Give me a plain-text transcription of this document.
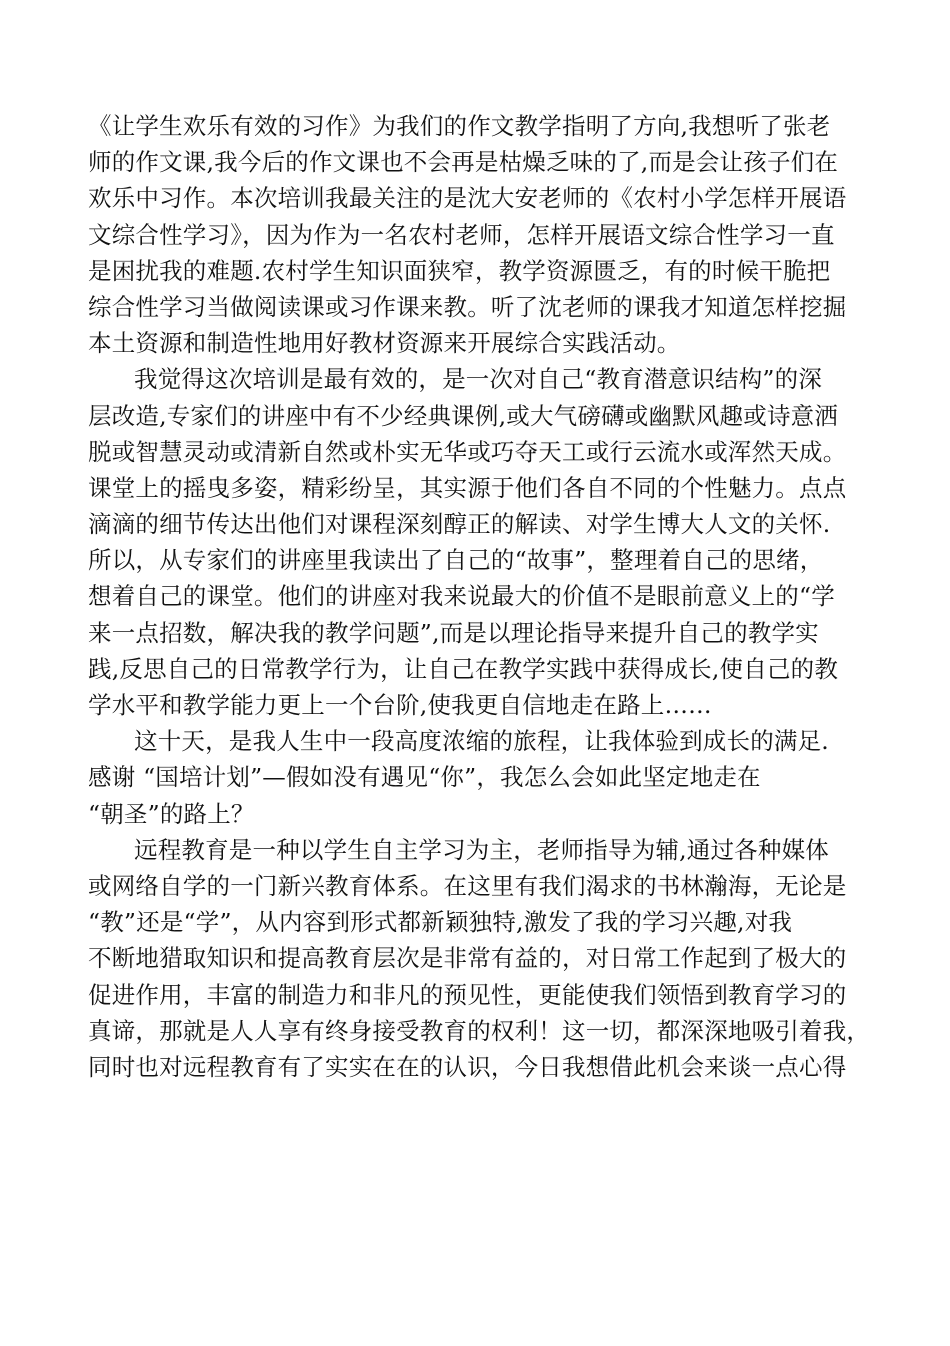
《让学生欢乐有效的习作》为我们的作文教学指明了方向,我想听了张老
师的作文课,我今后的作文课也不会再是枯燥乏味的了,而是会让孩子们在
欢乐中习作。本次培训我最关注的是沈大安老师的《农村小学怎样开展语
文综合性学习》，因为作为一名农村老师，怎样开展语文综合性学习一直
是困扰我的难题.农村学生知识面狭窄，教学资源匮乏，有的时候干脆把
综合性学习当做阅读课或习作课来教。听了沈老师的课我才知道怎样挖掘
本土资源和制造性地用好教材资源来开展综合实践活动。
我觉得这次培训是最有效的，是一次对自己“教育潜意识结构”的深
层改造,专家们的讲座中有不少经典课例,或大气磅礴或幽默风趣或诗意洒
脱或智慧灵动或清新自然或朴实无华或巧夺天工或行云流水或浑然天成。
课堂上的摇曳多姿，精彩纷呈，其实源于他们各自不同的个性魅力。点点
滴滴的细节传达出他们对课程深刻醇正的解读、对学生博大人文的关怀.
所以，从专家们的讲座里我读出了自己的“故事”，整理着自己的思绪，
想着自己的课堂。他们的讲座对我来说最大的价值不是眼前意义上的“学
来一点招数，解决我的教学问题”,而是以理论指导来提升自己的教学实
践,反思自己的日常教学行为，让自己在教学实践中获得成长,使自己的教
学水平和教学能力更上一个台阶,使我更自信地走在路上……
这十天，是我人生中一段高度浓缩的旅程，让我体验到成长的满足.
感谢 “国培计划”—假如没有遇见“你”，我怎么会如此坚定地走在
“朝圣”的路上？
远程教育是一种以学生自主学习为主，老师指导为辅,通过各种媒体
或网络自学的一门新兴教育体系。在这里有我们渴求的书林瀚海，无论是
“教”还是“学”，从内容到形式都新颖独特,激发了我的学习兴趣,对我
不断地猎取知识和提高教育层次是非常有益的，对日常工作起到了极大的
促进作用，丰富的制造力和非凡的预见性，更能使我们领悟到教育学习的
真谛，那就是人人享有终身接受教育的权利！这一切，都深深地吸引着我，
同时也对远程教育有了实实在在的认识，今日我想借此机会来谈一点心得
